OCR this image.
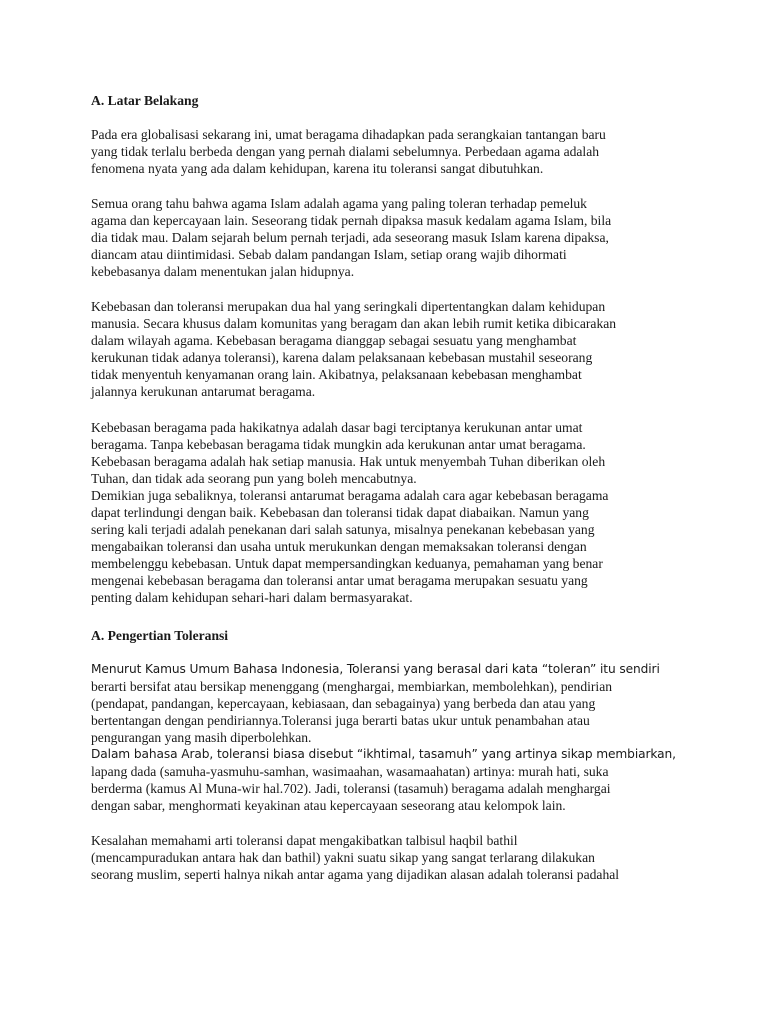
A. Latar Belakang
Pada era globalisasi sekarang ini, umat beragama dihadapkan pada serangkaian tantangan baru
yang tidak terlalu berbeda dengan yang pernah dialami sebelumnya. Perbedaan agama adalah
fenomena nyata yang ada dalam kehidupan, karena itu toleransi sangat dibutuhkan.
Semua orang tahu bahwa agama Islam adalah agama yang paling toleran terhadap pemeluk
agama dan kepercayaan lain. Seseorang tidak pernah dipaksa masuk kedalam agama Islam, bila
dia tidak mau. Dalam sejarah belum pernah terjadi, ada seseorang masuk Islam karena dipaksa,
diancam atau diintimidasi. Sebab dalam pandangan Islam, setiap orang wajib dihormati
kebebasanya dalam menentukan jalan hidupnya.
Kebebasan dan toleransi merupakan dua hal yang seringkali dipertentangkan dalam kehidupan
manusia. Secara khusus dalam komunitas yang beragam dan akan lebih rumit ketika dibicarakan
dalam wilayah agama. Kebebasan beragama dianggap sebagai sesuatu yang menghambat
kerukunan tidak adanya toleransi), karena dalam pelaksanaan kebebasan mustahil seseorang
tidak menyentuh kenyamanan orang lain. Akibatnya, pelaksanaan kebebasan menghambat
jalannya kerukunan antarumat beragama.
Kebebasan beragama pada hakikatnya adalah dasar bagi terciptanya kerukunan antar umat
beragama. Tanpa kebebasan beragama tidak mungkin ada kerukunan antar umat beragama.
Kebebasan beragama adalah hak setiap manusia. Hak untuk menyembah Tuhan diberikan oleh
Tuhan, dan tidak ada seorang pun yang boleh mencabutnya.
Demikian juga sebaliknya, toleransi antarumat beragama adalah cara agar kebebasan beragama
dapat terlindungi dengan baik. Kebebasan dan toleransi tidak dapat diabaikan. Namun yang
sering kali terjadi adalah penekanan dari salah satunya, misalnya penekanan kebebasan yang
mengabaikan toleransi dan usaha untuk merukunkan dengan memaksakan toleransi dengan
membelenggu kebebasan. Untuk dapat mempersandingkan keduanya, pemahaman yang benar
mengenai kebebasan beragama dan toleransi antar umat beragama merupakan sesuatu yang
penting dalam kehidupan sehari-hari dalam bermasyarakat.
A. Pengertian Toleransi
Menurut Kamus Umum Bahasa Indonesia, Toleransi yang berasal dari kata “toleran” itu sendiri
berarti bersifat atau bersikap menenggang (menghargai, membiarkan, membolehkan), pendirian
(pendapat, pandangan, kepercayaan, kebiasaan, dan sebagainya) yang berbeda dan atau yang
bertentangan dengan pendiriannya.Toleransi juga berarti batas ukur untuk penambahan atau
pengurangan yang masih diperbolehkan.
Dalam bahasa Arab, toleransi biasa disebut “ikhtimal, tasamuh” yang artinya sikap membiarkan,
lapang dada (samuha-yasmuhu-samhan, wasimaahan, wasamaahatan) artinya: murah hati, suka
berderma (kamus Al Muna-wir hal.702). Jadi, toleransi (tasamuh) beragama adalah menghargai
dengan sabar, menghormati keyakinan atau kepercayaan seseorang atau kelompok lain.
Kesalahan memahami arti toleransi dapat mengakibatkan talbisul haqbil bathil
(mencampuradukan antara hak dan bathil) yakni suatu sikap yang sangat terlarang dilakukan
seorang muslim, seperti halnya nikah antar agama yang dijadikan alasan adalah toleransi padahal
